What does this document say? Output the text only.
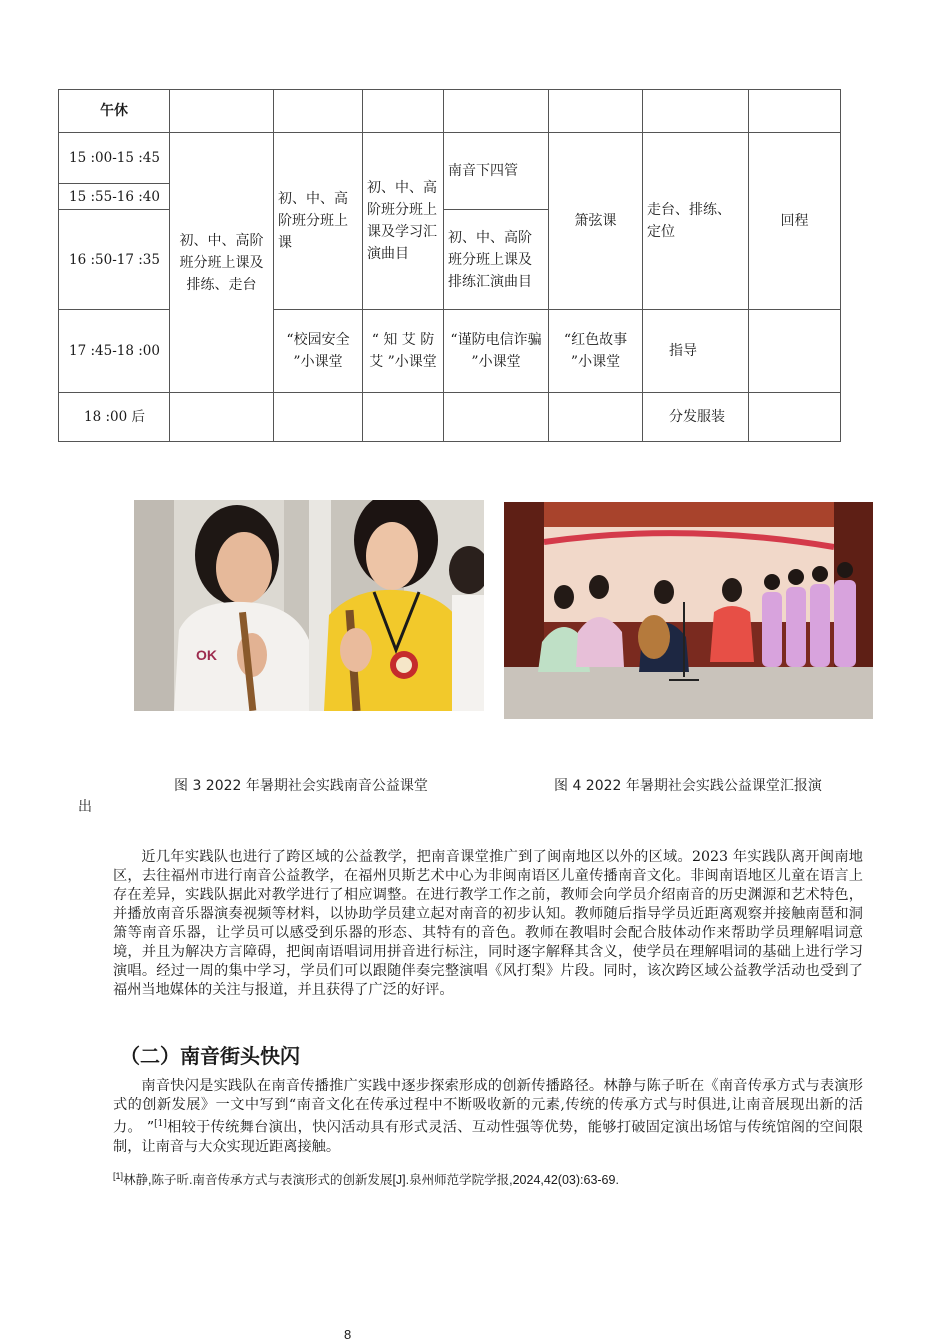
午休							
15 :00-15 :45	初、中、高阶班分班上课及排练、走台	初、中、高阶班分班上课	初、中、高阶班分班上课及学习汇演曲目	南音下四管	箫弦课	走台、排练、定位	回程
15 :55-16 :40							
16 :50-17 :35				初、中、高阶班分班上课及排练汇演曲目			
17 :45-18 :00		“校园安全 ”小课堂	“ 知 艾 防 艾 ”小课堂	“谨防电信诈骗 ”小课堂	“红色故事 ”小课堂	指导	
18 :00 后						分发服装	
OK
图 3 2022 年暑期社会实践南音公益课堂	图 4 2022 年暑期社会实践公益课堂汇报演
出
近几年实践队也进行了跨区域的公益教学，把南音课堂推广到了闽南地区以外的区域。2023 年实践队离开闽南地区，去往福州市进行南音公益教学，在福州贝斯艺术中心为非闽南语区儿童传播南音文化。非闽南语地区儿童在语言上存在差异，实践队据此对教学进行了相应调整。在进行教学工作之前，教师会向学员介绍南音的历史渊源和艺术特色，并播放南音乐器演奏视频等材料，以协助学员建立起对南音的初步认知。教师随后指导学员近距离观察并接触南琶和洞箫等南音乐器，让学员可以感受到乐器的形态、其特有的音色。教师在教唱时会配合肢体动作来帮助学员理解唱词意境，并且为解决方言障碍，把闽南语唱词用拼音进行标注，同时逐字解释其含义，使学员在理解唱词的基础上进行学习演唱。经过一周的集中学习，学员们可以跟随伴奏完整演唱《风打梨》片段。同时，该次跨区域公益教学活动也受到了福州当地媒体的关注与报道，并且获得了广泛的好评。
（二）南音街头快闪
南音快闪是实践队在南音传播推广实践中逐步探索形成的创新传播路径。林静与陈子昕在《南音传承方式与表演形式的创新发展》一文中写到“南音文化在传承过程中不断吸收新的元素,传统的传承方式与时俱进,让南音展现出新的活力。 ”[1]相较于传统舞台演出，快闪活动具有形式灵活、互动性强等优势，能够打破固定演出场馆与传统馆阁的空间限制，让南音与大众实现近距离接触。
[1]林静,陈子昕.南音传承方式与表演形式的创新发展[J].泉州师范学院学报,2024,42(03):63-69.
8
